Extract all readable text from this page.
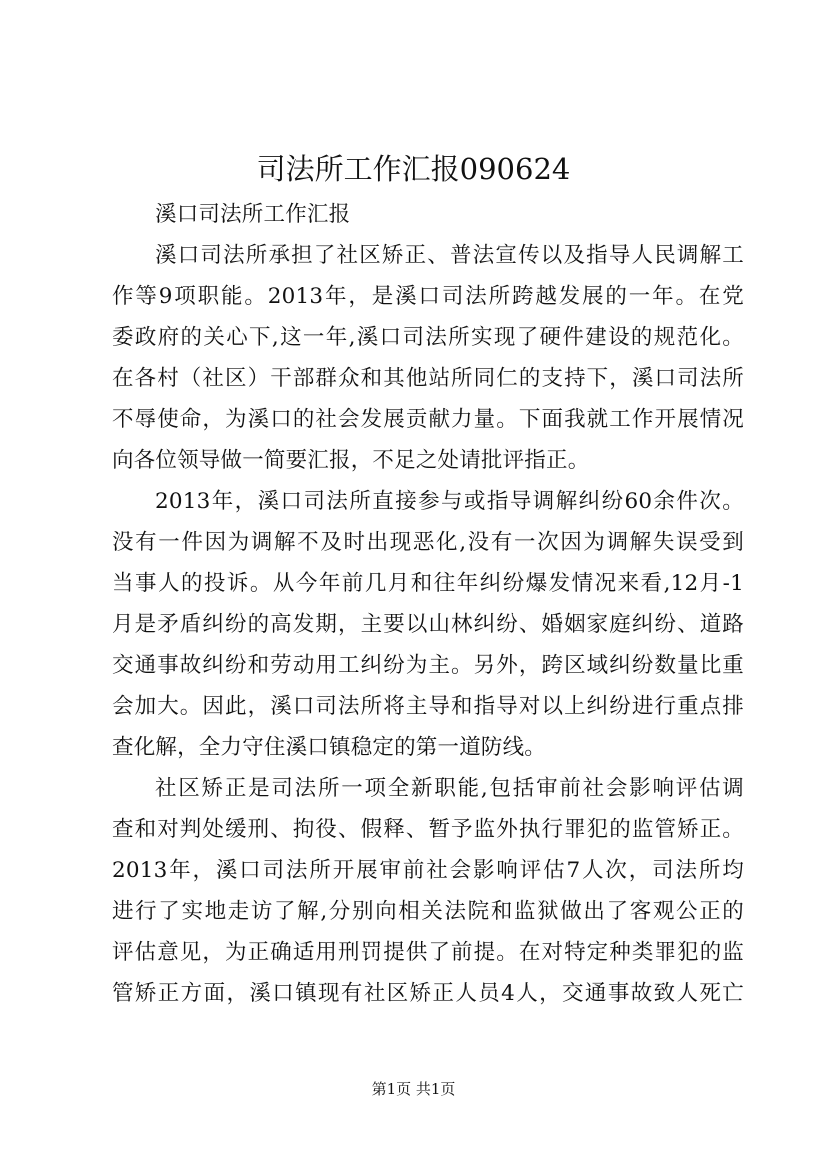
司法所工作汇报090624
溪口司法所工作汇报
溪口司法所承担了社区矫正、普法宣传以及指导人民调解工
作等9项职能。2013年，是溪口司法所跨越发展的一年。在党
委政府的关心下,这一年,溪口司法所实现了硬件建设的规范化。
在各村（社区）干部群众和其他站所同仁的支持下，溪口司法所
不辱使命，为溪口的社会发展贡献力量。下面我就工作开展情况
向各位领导做一简要汇报，不足之处请批评指正。
2013年，溪口司法所直接参与或指导调解纠纷60余件次。
没有一件因为调解不及时出现恶化,没有一次因为调解失误受到
当事人的投诉。从今年前几月和往年纠纷爆发情况来看,12月-1
月是矛盾纠纷的高发期，主要以山林纠纷、婚姻家庭纠纷、道路
交通事故纠纷和劳动用工纠纷为主。另外，跨区域纠纷数量比重
会加大。因此，溪口司法所将主导和指导对以上纠纷进行重点排
查化解，全力守住溪口镇稳定的第一道防线。
社区矫正是司法所一项全新职能,包括审前社会影响评估调
查和对判处缓刑、拘役、假释、暂予监外执行罪犯的监管矫正。
2013年，溪口司法所开展审前社会影响评估7人次，司法所均
进行了实地走访了解,分别向相关法院和监狱做出了客观公正的
评估意见，为正确适用刑罚提供了前提。在对特定种类罪犯的监
管矫正方面，溪口镇现有社区矫正人员4人，交通事故致人死亡
第1页 共1页
